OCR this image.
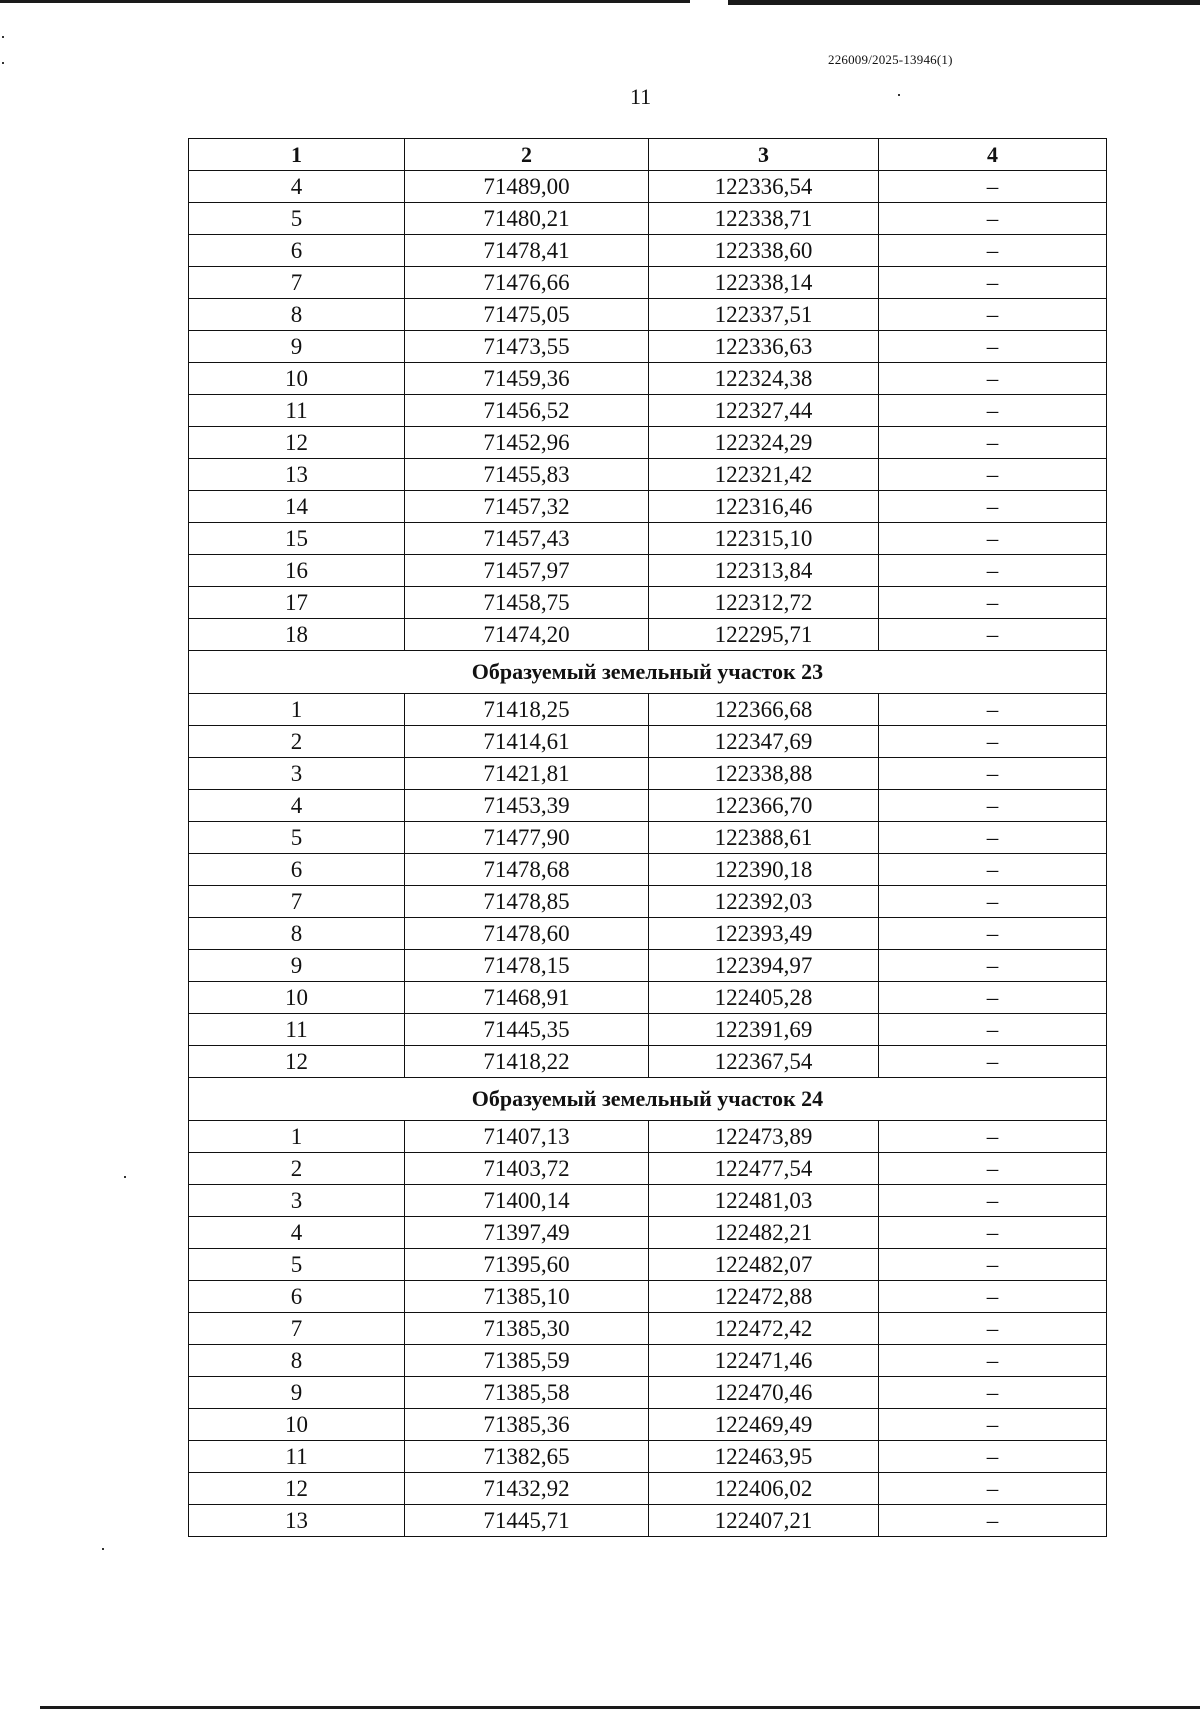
226009/2025-13946(1)
11
1	2	3	4
4	71489,00	122336,54	–
5	71480,21	122338,71	–
6	71478,41	122338,60	–
7	71476,66	122338,14	–
8	71475,05	122337,51	–
9	71473,55	122336,63	–
10	71459,36	122324,38	–
11	71456,52	122327,44	–
12	71452,96	122324,29	–
13	71455,83	122321,42	–
14	71457,32	122316,46	–
15	71457,43	122315,10	–
16	71457,97	122313,84	–
17	71458,75	122312,72	–
18	71474,20	122295,71	–
Образуемый земельный участок 23			
1	71418,25	122366,68	–
2	71414,61	122347,69	–
3	71421,81	122338,88	–
4	71453,39	122366,70	–
5	71477,90	122388,61	–
6	71478,68	122390,18	–
7	71478,85	122392,03	–
8	71478,60	122393,49	–
9	71478,15	122394,97	–
10	71468,91	122405,28	–
11	71445,35	122391,69	–
12	71418,22	122367,54	–
Образуемый земельный участок 24			
1	71407,13	122473,89	–
2	71403,72	122477,54	–
3	71400,14	122481,03	–
4	71397,49	122482,21	–
5	71395,60	122482,07	–
6	71385,10	122472,88	–
7	71385,30	122472,42	–
8	71385,59	122471,46	–
9	71385,58	122470,46	–
10	71385,36	122469,49	–
11	71382,65	122463,95	–
12	71432,92	122406,02	–
13	71445,71	122407,21	–
